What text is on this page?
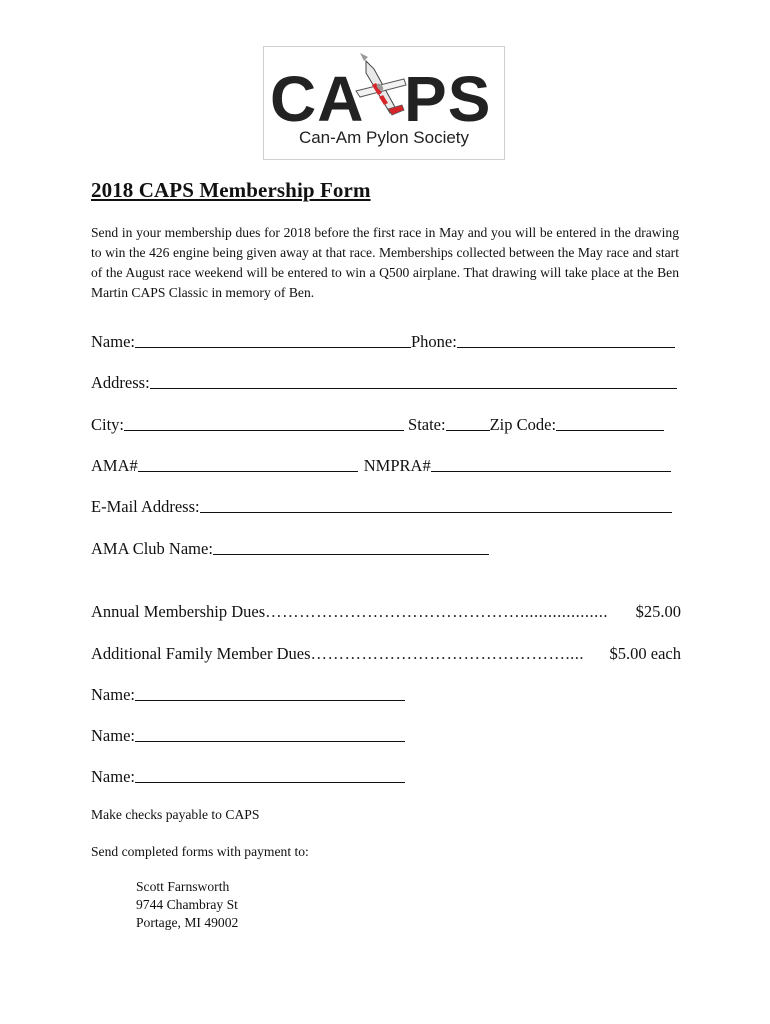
CA PS
Can-Am Pylon Society
2018 CAPS Membership Form

Send in your membership dues for 2018 before the first race in May and you will be entered in the drawing to win the 426 engine being given away at that race. Memberships collected between the May race and start of the August race weekend will be entered to win a Q500 airplane. That drawing will take place at the Ben Martin CAPS Classic in memory of Ben.

Name:	Phone:
Address:
City:	State:	Zip Code:
AMA#	NMPRA#
E-Mail Address:
AMA Club Name:
Annual Membership Dues ………………………………………...................	$25.00
Additional Family Member Dues ………………………………………....	$5.00 each
Name:
Name:
Name:

Make checks payable to CAPS

Send completed forms with payment to:

Scott Farnsworth
9744 Chambray St
Portage, MI 49002
